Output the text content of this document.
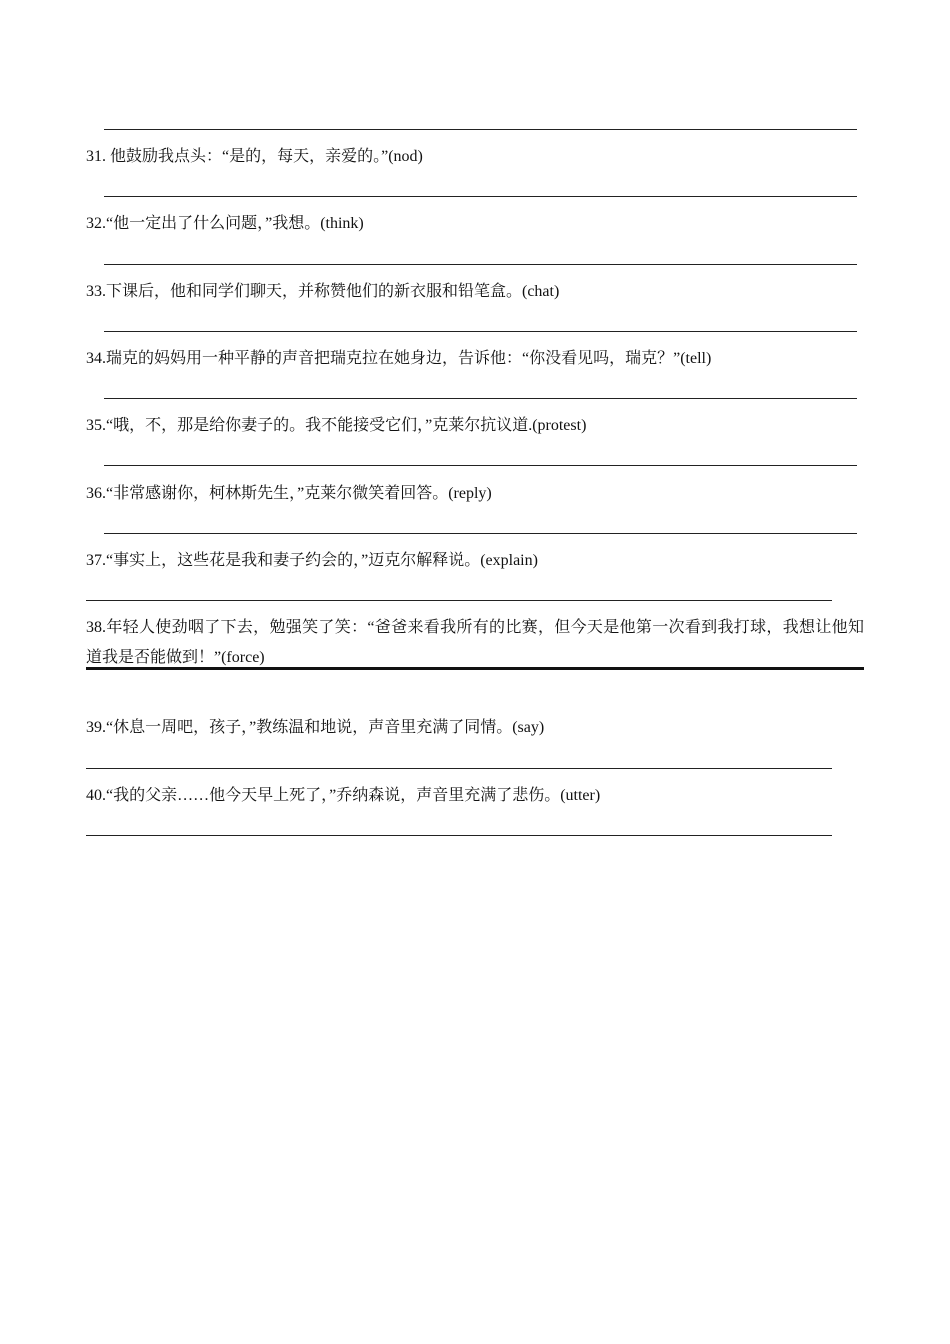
31. 他鼓励我点头：“是的，每天，亲爱的。”(nod)
32.“他一定出了什么问题，”我想。(think)
33.下课后，他和同学们聊天，并称赞他们的新衣服和铅笔盒。(chat)
34.瑞克的妈妈用一种平静的声音把瑞克拉在她身边，告诉他：“你没看见吗，瑞克？”(tell)
35.“哦，不，那是给你妻子的。我不能接受它们，”克莱尔抗议道.(protest)
36.“非常感谢你，柯林斯先生，”克莱尔微笑着回答。(reply)
37.“事实上，这些花是我和妻子约会的，”迈克尔解释说。(explain)
38.年轻人使劲咽了下去，勉强笑了笑：“爸爸来看我所有的比赛，但今天是他第一次看到我打球，我想让他知道我是否能做到！”(force)
39.“休息一周吧，孩子，”教练温和地说，声音里充满了同情。(say)
40.“我的父亲……他今天早上死了，”乔纳森说，声音里充满了悲伤。(utter)
